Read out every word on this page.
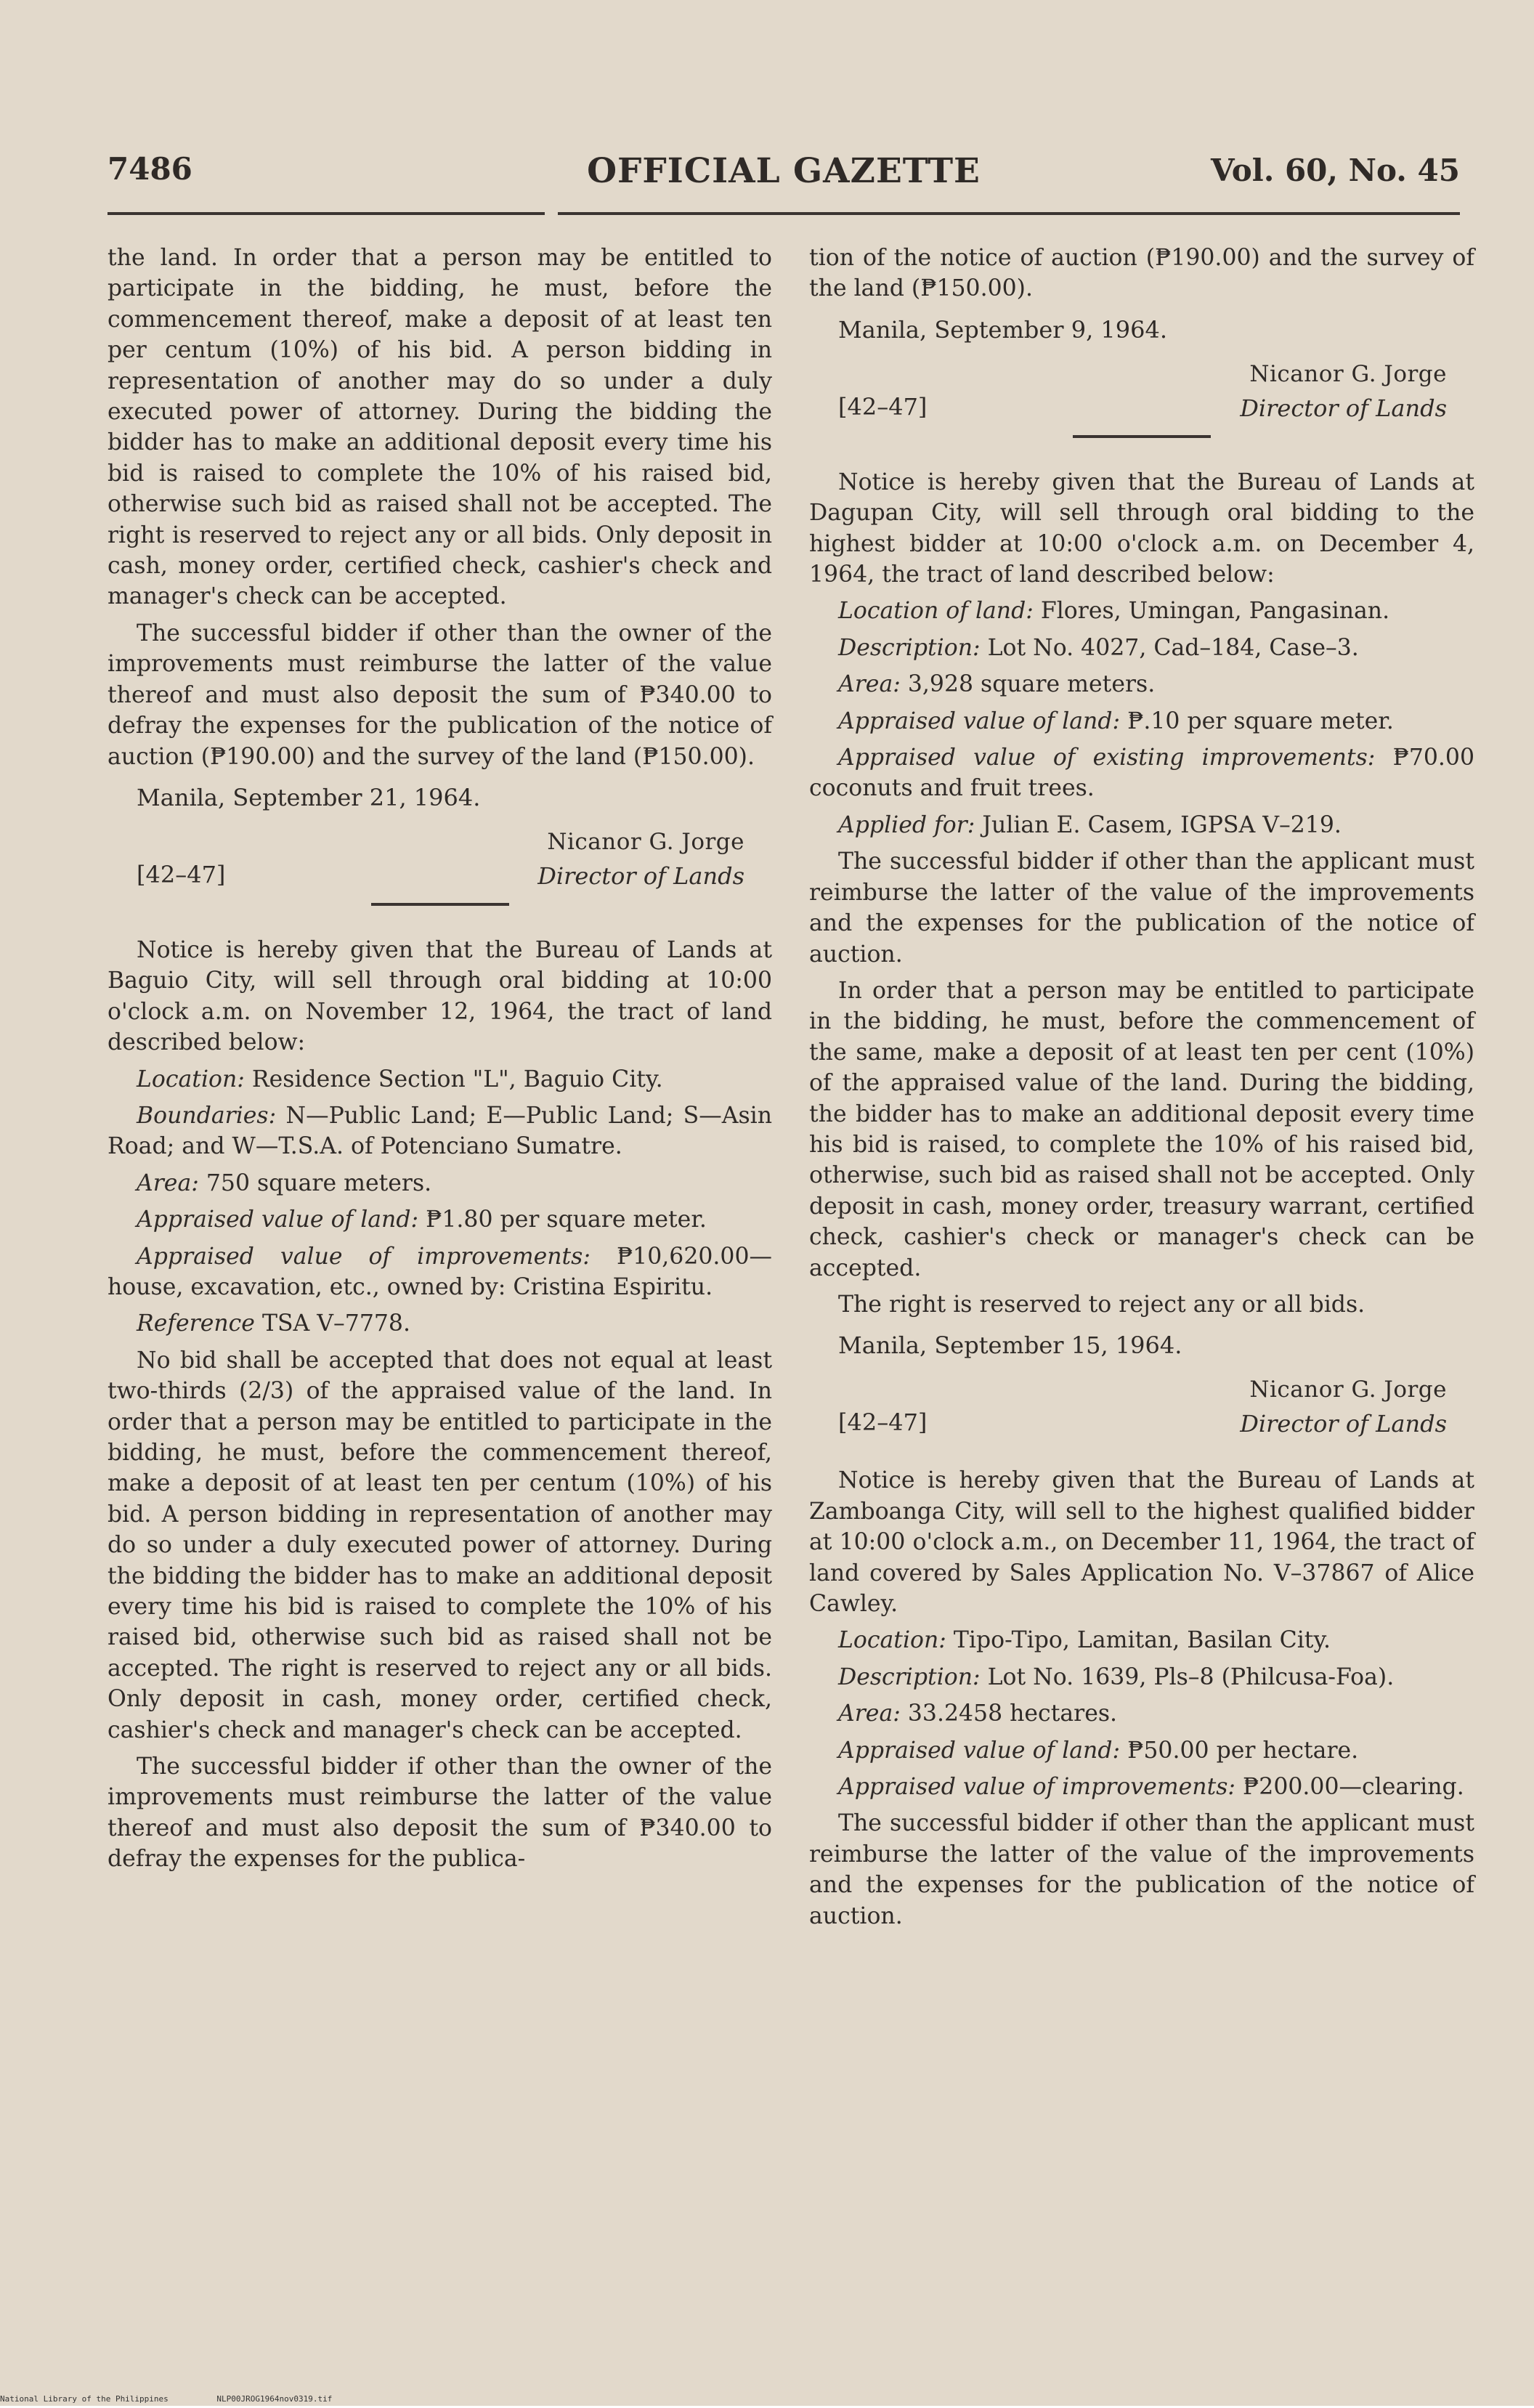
7486	OFFICIAL GAZETTE	Vol. 60, No. 45

the land. In order that a person may be entitled to participate in the bidding, he must, before the commencement thereof, make a deposit of at least ten per centum (10%) of his bid. A person bidding in representation of another may do so under a duly executed power of attorney. During the bidding the bidder has to make an additional deposit every time his bid is raised to complete the 10% of his raised bid, otherwise such bid as raised shall not be accepted. The right is reserved to reject any or all bids. Only deposit in cash, money order, certified check, cashier's check and manager's check can be accepted.

The successful bidder if other than the owner of the improvements must reimburse the latter of the value thereof and must also deposit the sum of ₱340.00 to defray the expenses for the publication of the notice of auction (₱190.00) and the survey of the land (₱150.00).

Manila, September 21, 1964.
[42–47]
Nicanor G. Jorge
Director of Lands

Notice is hereby given that the Bureau of Lands at Baguio City, will sell through oral bidding at 10:00 o'clock a.m. on November 12, 1964, the tract of land described below:

Location: Residence Section "L", Baguio City.

Boundaries: N—Public Land; E—Public Land; S—Asin Road; and W—T.S.A. of Potenciano Sumatre.

Area: 750 square meters.

Appraised value of land: ₱1.80 per square meter.

Appraised value of improvements: ₱10,620.00—house, excavation, etc., owned by: Cristina Espiritu.

Reference TSA V–7778.

No bid shall be accepted that does not equal at least two-thirds (2/3) of the appraised value of the land. In order that a person may be entitled to participate in the bidding, he must, before the commencement thereof, make a deposit of at least ten per centum (10%) of his bid. A person bidding in representation of another may do so under a duly executed power of attorney. During the bidding the bidder has to make an additional deposit every time his bid is raised to complete the 10% of his raised bid, otherwise such bid as raised shall not be accepted. The right is reserved to reject any or all bids. Only deposit in cash, money order, certified check, cashier's check and manager's check can be accepted.

The successful bidder if other than the owner of the improvements must reimburse the latter of the value thereof and must also deposit the sum of ₱340.00 to defray the expenses for the publica-

tion of the notice of auction (₱190.00) and the survey of the land (₱150.00).

Manila, September 9, 1964.
[42–47]
Nicanor G. Jorge
Director of Lands

Notice is hereby given that the Bureau of Lands at Dagupan City, will sell through oral bidding to the highest bidder at 10:00 o'clock a.m. on December 4, 1964, the tract of land described below:

Location of land: Flores, Umingan, Pangasinan.

Description: Lot No. 4027, Cad–184, Case–3.

Area: 3,928 square meters.

Appraised value of land: ₱.10 per square meter.

Appraised value of existing improvements: ₱70.00 coconuts and fruit trees.

Applied for: Julian E. Casem, IGPSA V–219.

The successful bidder if other than the applicant must reimburse the latter of the value of the improvements and the expenses for the publication of the notice of auction.

In order that a person may be entitled to participate in the bidding, he must, before the commencement of the same, make a deposit of at least ten per cent (10%) of the appraised value of the land. During the bidding, the bidder has to make an additional deposit every time his bid is raised, to complete the 10% of his raised bid, otherwise, such bid as raised shall not be accepted. Only deposit in cash, money order, treasury warrant, certified check, cashier's check or manager's check can be accepted.

The right is reserved to reject any or all bids.

Manila, September 15, 1964.
[42–47]
Nicanor G. Jorge
Director of Lands

Notice is hereby given that the Bureau of Lands at Zamboanga City, will sell to the highest qualified bidder at 10:00 o'clock a.m., on December 11, 1964, the tract of land covered by Sales Application No. V–37867 of Alice Cawley.

Location: Tipo-Tipo, Lamitan, Basilan City.

Description: Lot No. 1639, Pls–8 (Philcusa-Foa).

Area: 33.2458 hectares.

Appraised value of land: ₱50.00 per hectare.

Appraised value of improvements: ₱200.00—clearing.

The successful bidder if other than the applicant must reimburse the latter of the value of the improvements and the expenses for the publication of the notice of auction.

National Library of the Philippines	NLP00JROG1964nov0319.tif
